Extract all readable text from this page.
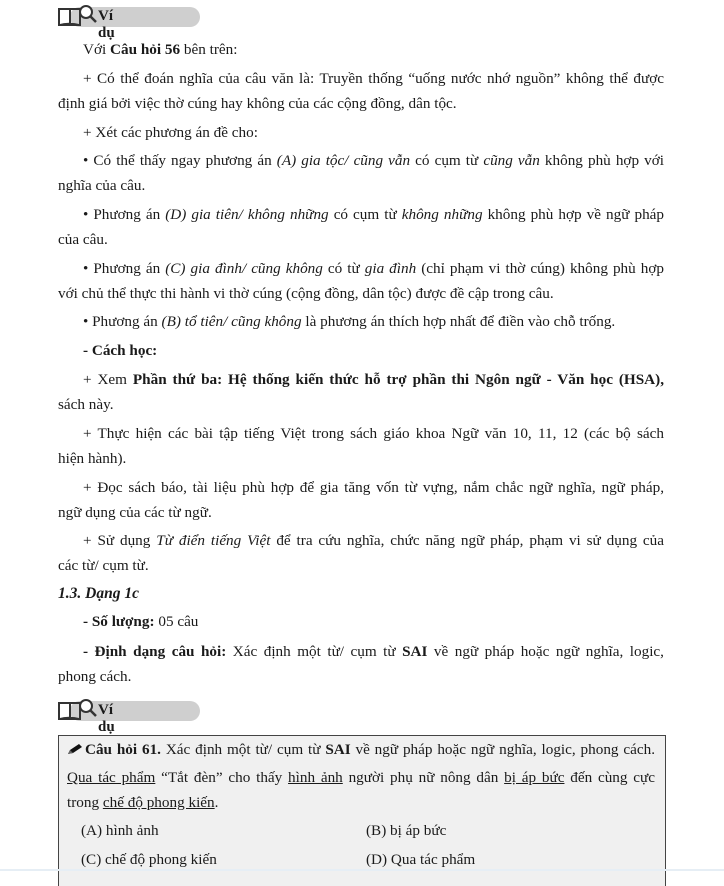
Ví dụ
Với Câu hỏi 56 bên trên:
+ Có thể đoán nghĩa của câu văn là: Truyền thống “uống nước nhớ nguồn” không thể được
định giá bởi việc thờ cúng hay không của các cộng đồng, dân tộc.
+ Xét các phương án đề cho:
• Có thể thấy ngay phương án (A) gia tộc/ cũng vẫn có cụm từ cũng vẫn không phù hợp với
nghĩa của câu.
• Phương án (D) gia tiên/ không những có cụm từ không những không phù hợp về ngữ pháp
của câu.
• Phương án (C) gia đình/ cũng không có từ gia đình (chỉ phạm vi thờ cúng) không phù hợp
với chủ thể thực thi hành vi thờ cúng (cộng đồng, dân tộc) được đề cập trong câu.
• Phương án (B) tổ tiên/ cũng không là phương án thích hợp nhất để điền vào chỗ trống.
- Cách học:
+ Xem Phần thứ ba: Hệ thống kiến thức hỗ trợ phần thi Ngôn ngữ - Văn học (HSA),
sách này.
+ Thực hiện các bài tập tiếng Việt trong sách giáo khoa Ngữ văn 10, 11, 12 (các bộ sách
hiện hành).
+ Đọc sách báo, tài liệu phù hợp để gia tăng vốn từ vựng, nắm chắc ngữ nghĩa, ngữ pháp,
ngữ dụng của các từ ngữ.
+ Sử dụng Từ điển tiếng Việt để tra cứu nghĩa, chức năng ngữ pháp, phạm vi sử dụng của
các từ/ cụm từ.
1.3. Dạng 1c
- Số lượng: 05 câu
- Định dạng câu hỏi: Xác định một từ/ cụm từ SAI về ngữ pháp hoặc ngữ nghĩa, logic,
phong cách.
Ví dụ
Câu hỏi 61. Xác định một từ/ cụm từ SAI về ngữ pháp hoặc ngữ nghĩa, logic, phong cách.
Qua tác phẩm “Tắt đèn” cho thấy hình ảnh người phụ nữ nông dân bị áp bức đến cùng cực
trong chế độ phong kiến.
(A) hình ảnh	(B) bị áp bức
(C) chế độ phong kiến	(D) Qua tác phẩm
